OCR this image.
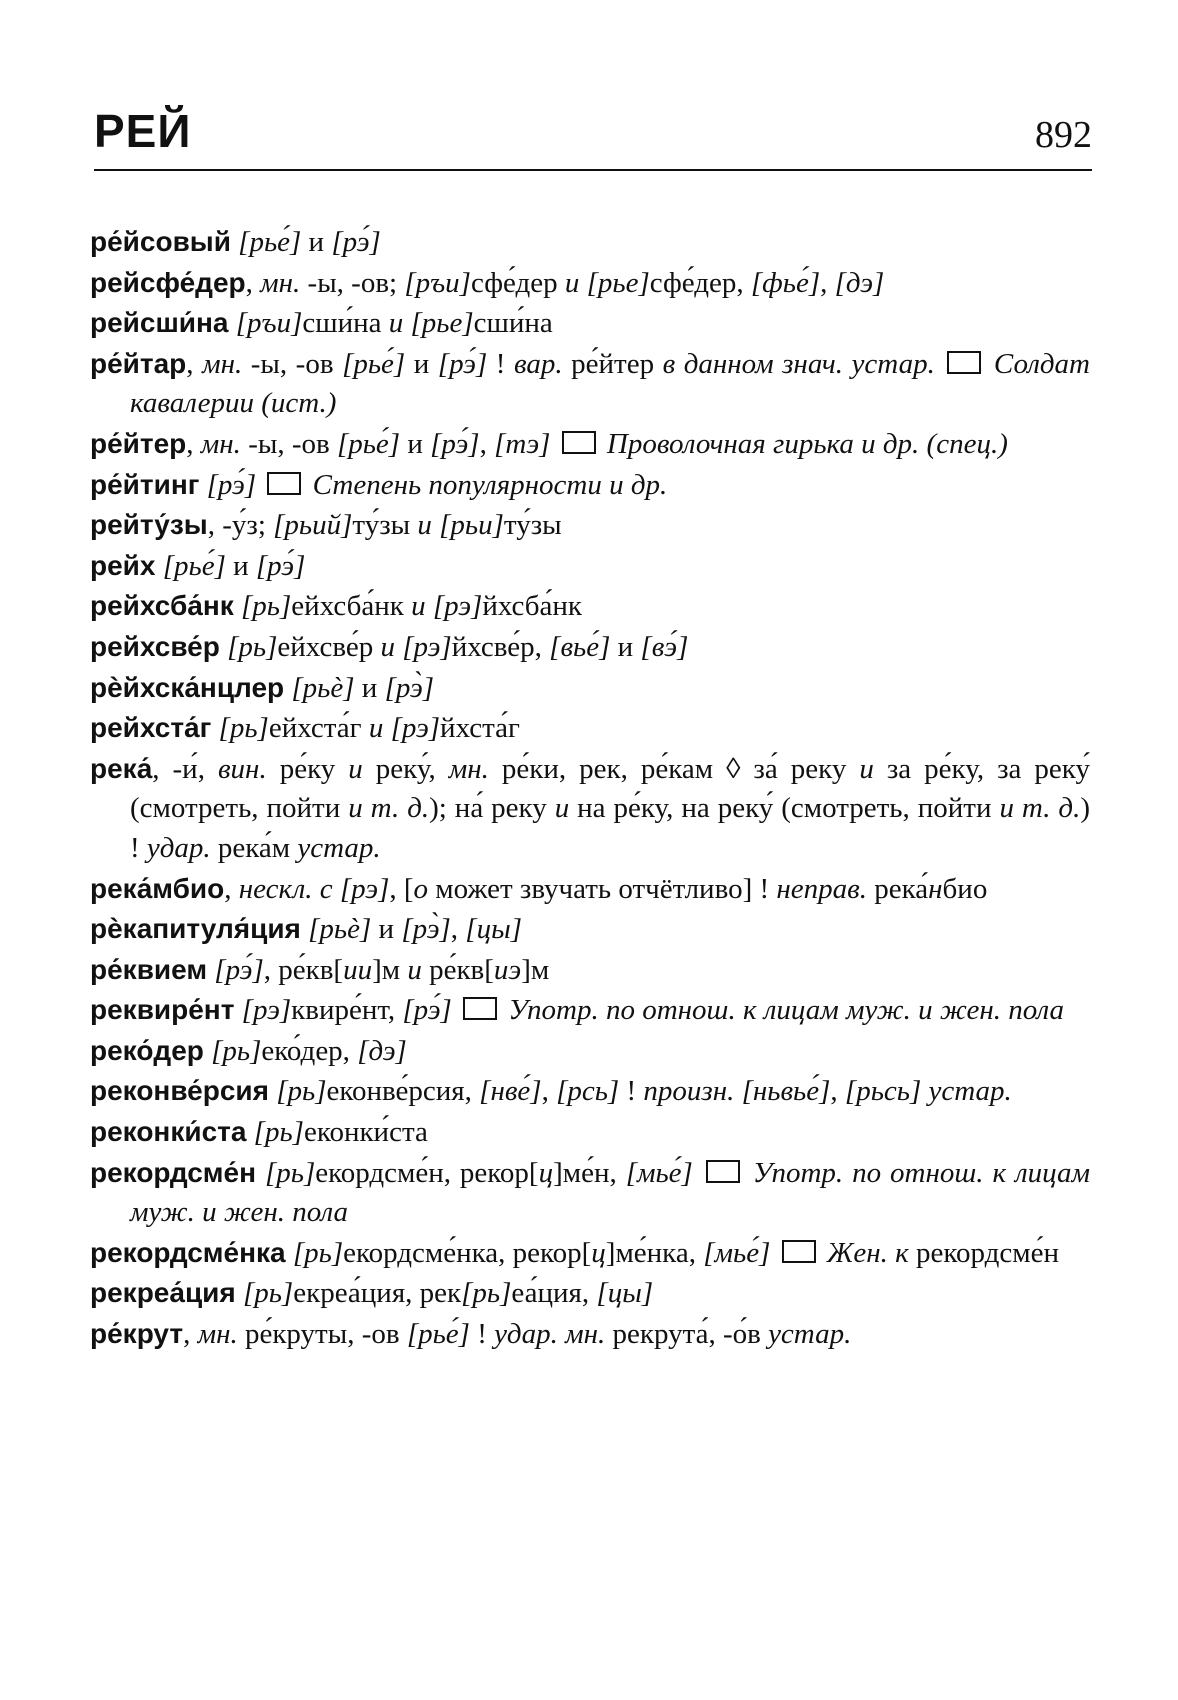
РЕЙ	892

ре́йсовый [рье́] и [рэ́]

рейсфе́дер, мн. -ы, -ов; [ръи]сфе́дер и [рье]сфе́дер, [фье́], [дэ]

рейсши́на [ръи]сши́на и [рье]сши́на

ре́йтар, мн. -ы, -ов [рье́] и [рэ́] ! вар. ре́йтер в данном знач. устар. Солдат кавалерии (ист.)

ре́йтер, мн. -ы, -ов [рье́] и [рэ́], [тэ] Проволочная гирька и др. (спец.)

ре́йтинг [рэ́] Степень популярности и др.

рейту́зы, -у́з; [рьий]ту́зы и [рьи]ту́зы

рейх [рье́] и [рэ́]

рейхсба́нк [рь]ейхсба́нк и [рэ]йхсба́нк

рейхсве́р [рь]ейхсве́р и [рэ]йхсве́р, [вье́] и [вэ́]

рѐйхска́нцлер [рьѐ] и [рэ̀]

рейхста́г [рь]ейхста́г и [рэ]йхста́г

река́, -и́, вин. ре́ку и реку́, мн. ре́ки, рек, ре́кам ◊ за́ реку и за ре́ку, за реку́ (смотреть, пойти и т. д.); на́ реку и на ре́ку, на реку́ (смотреть, пойти и т. д.) ! удар. река́м устар.

река́мбио, нескл. с [рэ], [о может звучать отчётливо] ! неправ. река́нбио

рѐкапитуля́ция [рьѐ] и [рэ̀], [цы]

ре́квием [рэ́], ре́кв[ии]м и ре́кв[иэ]м

реквире́нт [рэ]квире́нт, [рэ́] Употр. по отнош. к лицам муж. и жен. пола

реко́дер [рь]еко́дер, [дэ]

реконве́рсия [рь]еконве́рсия, [нве́], [рсь] ! произн. [ньвье́], [рьсь] устар.

реконки́ста [рь]еконки́ста

рекордсме́н [рь]екордсме́н, рекор[ц]ме́н, [мье́] Употр. по отнош. к лицам муж. и жен. пола

рекордсме́нка [рь]екордсме́нка, рекор[ц]ме́нка, [мье́] Жен. к рекордсме́н

рекреа́ция [рь]екреа́ция, рек[рь]еа́ция, [цы]

ре́крут, мн. ре́круты, -ов [рье́] ! удар. мн. рекрута́, -о́в устар.
